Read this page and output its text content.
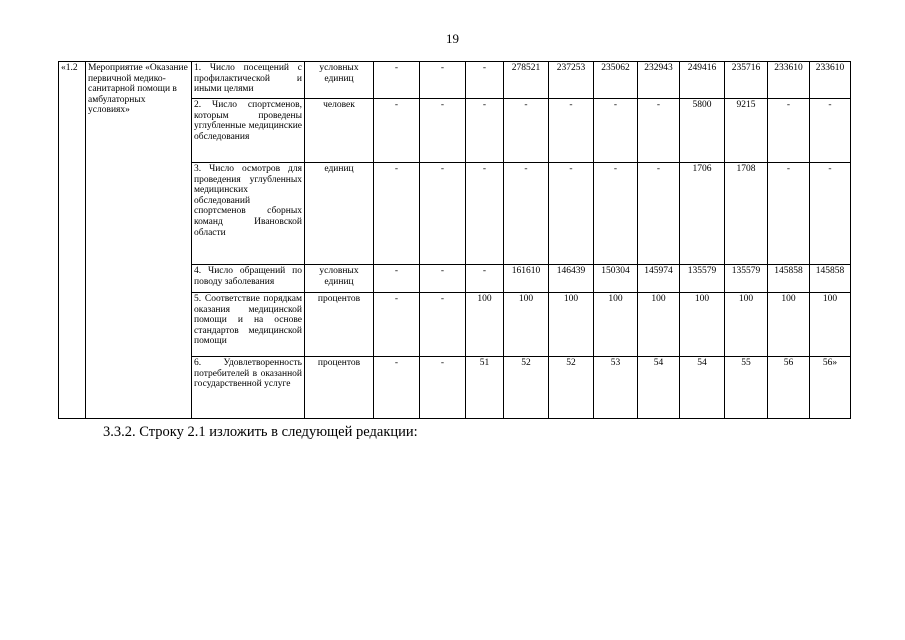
19
«1.2	Мероприятие «Оказание первичной медико-санитарной помощи в амбулаторных условиях»	1. Число посещений с профилактической и иными целями	условных единиц	-	-	-	278521	237253	235062	232943	249416	235716	233610	233610
		2. Число спортсменов, которым проведены углубленные медицинские обследования	человек	-	-	-	-	-	-	-	5800	9215	-	-
		3. Число осмотров для проведения углубленных медицинских обследований спортсменов сборных команд Ивановской области	единиц	-	-	-	-	-	-	-	1706	1708	-	-
		4. Число обращений по поводу заболевания	условных единиц	-	-	-	161610	146439	150304	145974	135579	135579	145858	145858
		5. Соответствие порядкам оказания медицинской помощи и на основе стандартов медицинской помощи	процентов	-	-	100	100	100	100	100	100	100	100	100
		6. Удовлетворенность потребителей в оказанной государственной услуге	процентов	-	-	51	52	52	53	54	54	55	56	56»
3.3.2. Строку 2.1 изложить в следующей редакции:
